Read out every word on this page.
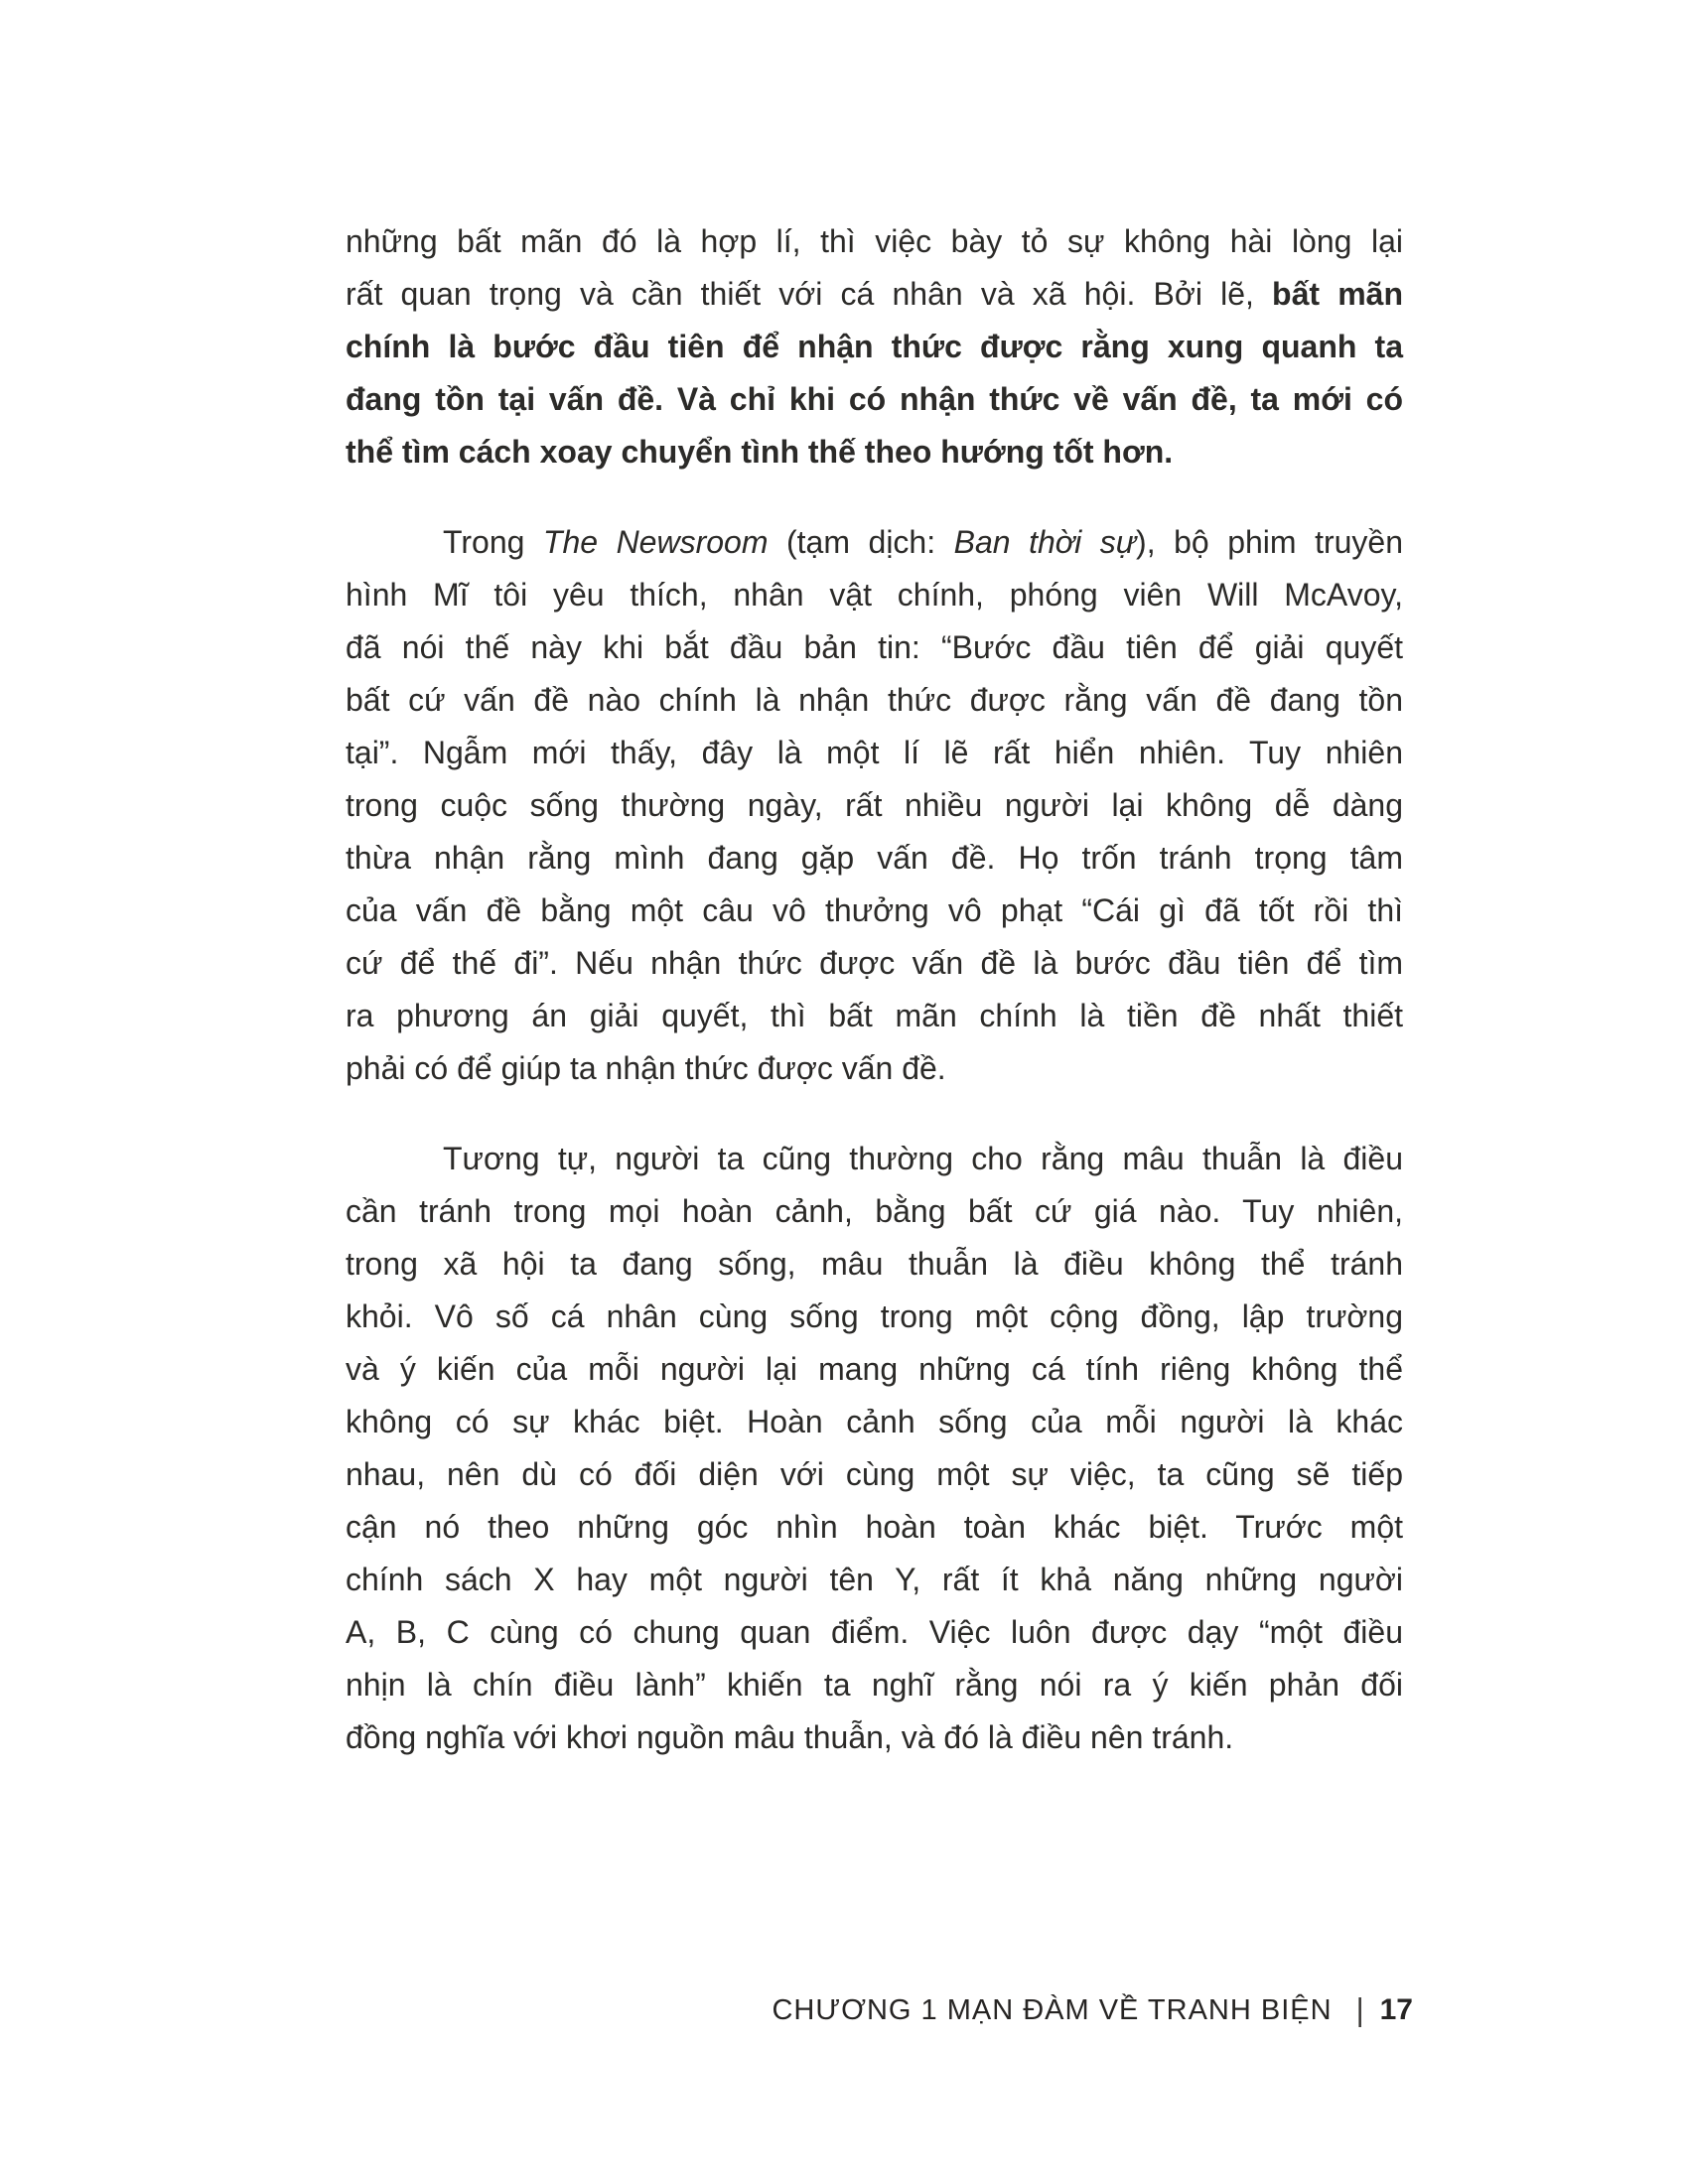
những bất mãn đó là hợp lí, thì việc bày tỏ sự không hài lòng lại
rất quan trọng và cần thiết với cá nhân và xã hội. Bởi lẽ, bất mãn
chính là bước đầu tiên để nhận thức được rằng xung quanh ta
đang tồn tại vấn đề. Và chỉ khi có nhận thức về vấn đề, ta mới có
thể tìm cách xoay chuyển tình thế theo hướng tốt hơn.
Trong The Newsroom (tạm dịch: Ban thời sự), bộ phim truyền
hình Mĩ tôi yêu thích, nhân vật chính, phóng viên Will McAvoy,
đã nói thế này khi bắt đầu bản tin: “Bước đầu tiên để giải quyết
bất cứ vấn đề nào chính là nhận thức được rằng vấn đề đang tồn
tại”. Ngẫm mới thấy, đây là một lí lẽ rất hiển nhiên. Tuy nhiên
trong cuộc sống thường ngày, rất nhiều người lại không dễ dàng
thừa nhận rằng mình đang gặp vấn đề. Họ trốn tránh trọng tâm
của vấn đề bằng một câu vô thưởng vô phạt “Cái gì đã tốt rồi thì
cứ để thế đi”. Nếu nhận thức được vấn đề là bước đầu tiên để tìm
ra phương án giải quyết, thì bất mãn chính là tiền đề nhất thiết
phải có để giúp ta nhận thức được vấn đề.
Tương tự, người ta cũng thường cho rằng mâu thuẫn là điều
cần tránh trong mọi hoàn cảnh, bằng bất cứ giá nào. Tuy nhiên,
trong xã hội ta đang sống, mâu thuẫn là điều không thể tránh
khỏi. Vô số cá nhân cùng sống trong một cộng đồng, lập trường
và ý kiến của mỗi người lại mang những cá tính riêng không thể
không có sự khác biệt. Hoàn cảnh sống của mỗi người là khác
nhau, nên dù có đối diện với cùng một sự việc, ta cũng sẽ tiếp
cận nó theo những góc nhìn hoàn toàn khác biệt. Trước một
chính sách X hay một người tên Y, rất ít khả năng những người
A, B, C cùng có chung quan điểm. Việc luôn được dạy “một điều
nhịn là chín điều lành” khiến ta nghĩ rằng nói ra ý kiến phản đối
đồng nghĩa với khơi nguồn mâu thuẫn, và đó là điều nên tránh.
CHƯƠNG 1 MẠN ĐÀM VỀ TRANH BIỆN | 17
